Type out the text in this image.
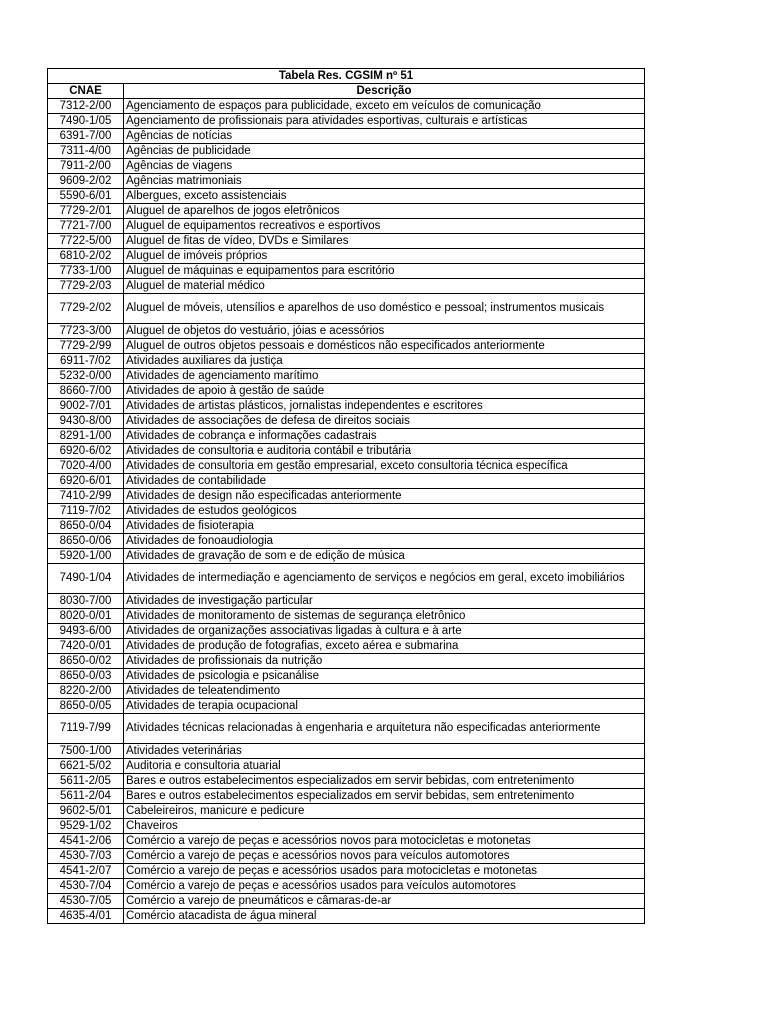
Tabela Res. CGSIM nº 51	
CNAE	Descrição
7312-2/00	Agenciamento de espaços para publicidade, exceto em veículos de comunicação
7490-1/05	Agenciamento de profissionais para atividades esportivas, culturais e artísticas
6391-7/00	Agências de notícias
7311-4/00	Agências de publicidade
7911-2/00	Agências de viagens
9609-2/02	Agências matrimoniais
5590-6/01	Albergues, exceto assistenciais
7729-2/01	Aluguel de aparelhos de jogos eletrônicos
7721-7/00	Aluguel de equipamentos recreativos e esportivos
7722-5/00	Aluguel de fitas de vídeo, DVDs e Similares
6810-2/02	Aluguel de imóveis próprios
7733-1/00	Aluguel de máquinas e equipamentos para escritório
7729-2/03	Aluguel de material médico
7729-2/02	Aluguel de móveis, utensílios e aparelhos de uso doméstico e pessoal; instrumentos musicais
7723-3/00	Aluguel de objetos do vestuário, jóias e acessórios
7729-2/99	Aluguel de outros objetos pessoais e domésticos não especificados anteriormente
6911-7/02	Atividades auxiliares da justiça
5232-0/00	Atividades de agenciamento marítimo
8660-7/00	Atividades de apoio à gestão de saúde
9002-7/01	Atividades de artistas plásticos, jornalistas independentes e escritores
9430-8/00	Atividades de associações de defesa de direitos sociais
8291-1/00	Atividades de cobrança e informações cadastrais
6920-6/02	Atividades de consultoria e auditoria contábil e tributária
7020-4/00	Atividades de consultoria em gestão empresarial, exceto consultoria técnica específica
6920-6/01	Atividades de contabilidade
7410-2/99	Atividades de design não especificadas anteriormente
7119-7/02	Atividades de estudos geológicos
8650-0/04	Atividades de fisioterapia
8650-0/06	Atividades de fonoaudiologia
5920-1/00	Atividades de gravação de som e de edição de música
7490-1/04	Atividades de intermediação e agenciamento de serviços e negócios em geral, exceto imobiliários
8030-7/00	Atividades de investigação particular
8020-0/01	Atividades de monitoramento de sistemas de segurança eletrônico
9493-6/00	Atividades de organizações associativas ligadas à cultura e à arte
7420-0/01	Atividades de produção de fotografias, exceto aérea e submarina
8650-0/02	Atividades de profissionais da nutrição
8650-0/03	Atividades de psicologia e psicanálise
8220-2/00	Atividades de teleatendimento
8650-0/05	Atividades de terapia ocupacional
7119-7/99	Atividades técnicas relacionadas à engenharia e arquitetura não especificadas anteriormente
7500-1/00	Atividades veterinárias
6621-5/02	Auditoria e consultoria atuarial
5611-2/05	Bares e outros estabelecimentos especializados em servir bebidas, com entretenimento
5611-2/04	Bares e outros estabelecimentos especializados em servir bebidas, sem entretenimento
9602-5/01	Cabeleireiros, manicure e pedicure
9529-1/02	Chaveiros
4541-2/06	Comércio a varejo de peças e acessórios novos para motocicletas e motonetas
4530-7/03	Comércio a varejo de peças e acessórios novos para veículos automotores
4541-2/07	Comércio a varejo de peças e acessórios usados para motocicletas e motonetas
4530-7/04	Comércio a varejo de peças e acessórios usados para veículos automotores
4530-7/05	Comércio a varejo de pneumáticos e câmaras-de-ar
4635-4/01	Comércio atacadista de água mineral
